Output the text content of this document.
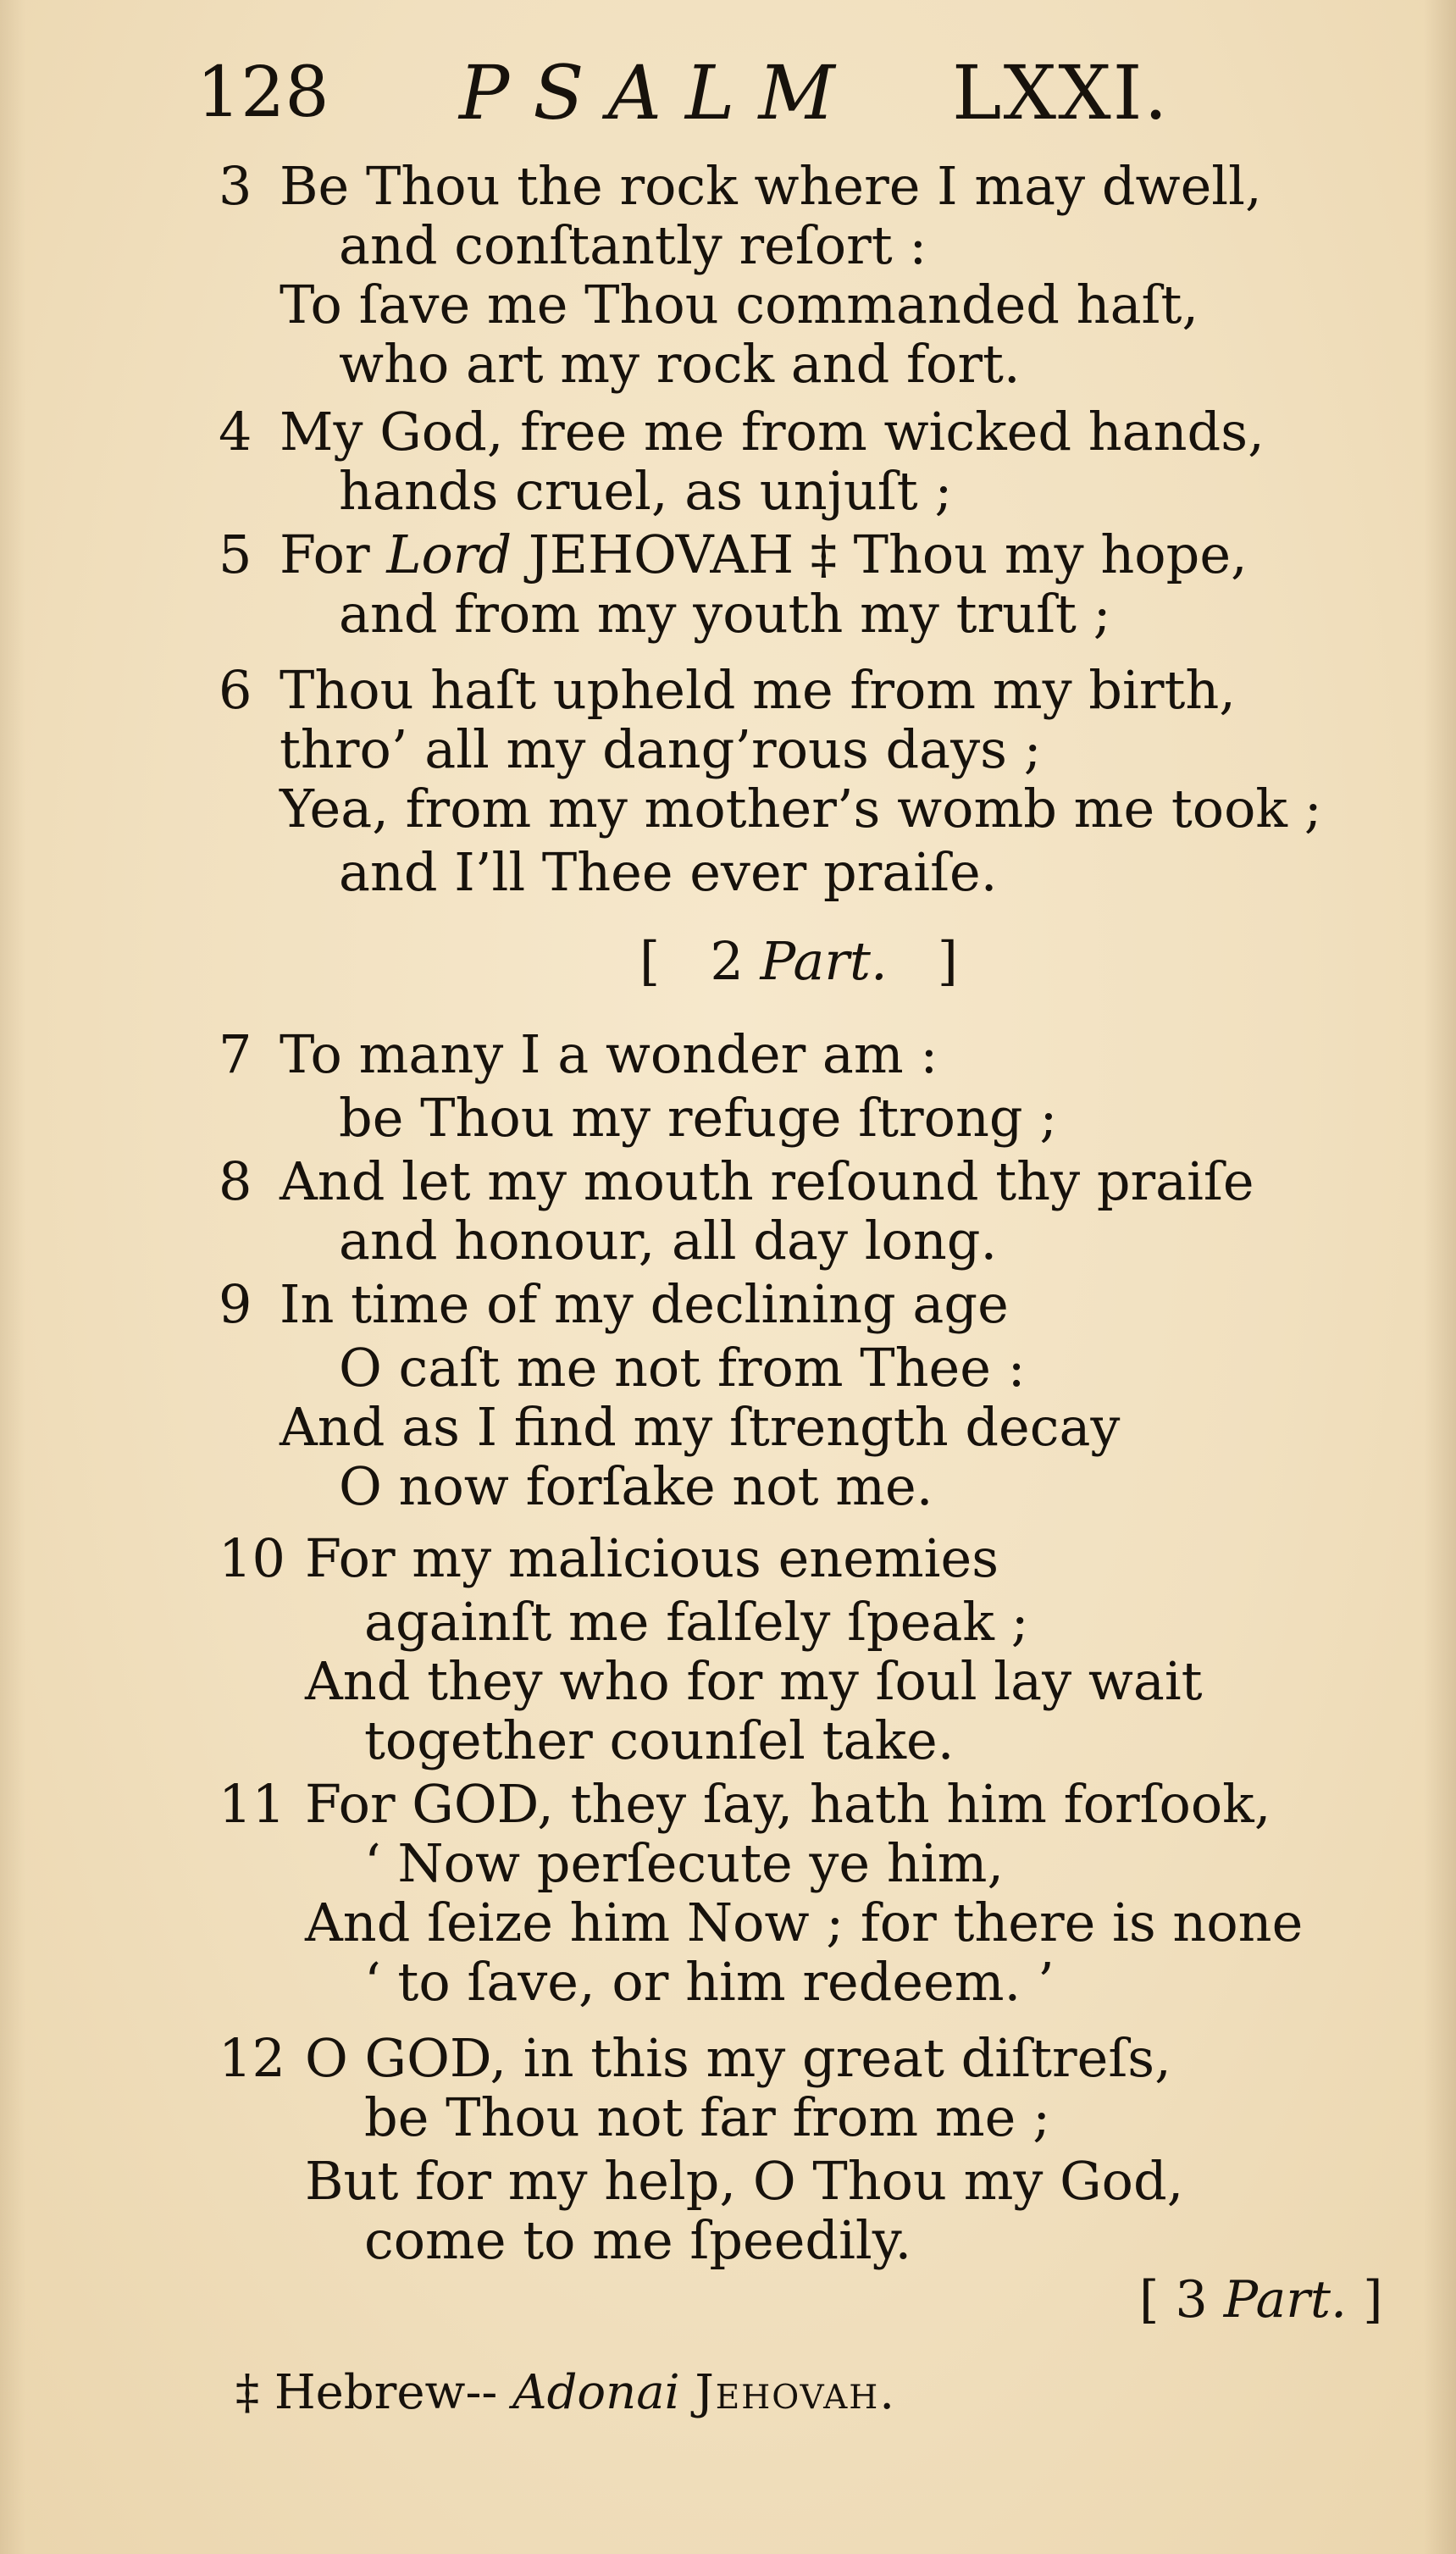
128 PSALM LXXI.
3 Be Thou the rock where I may dwell,
and conſtantly reſort :
To ſave me Thou commanded haſt,
who art my rock and fort.
4 My God, free me from wicked hands,
hands cruel, as unjuſt ;
5 For Lord JEHOVAH ‡ Thou my hope,
and from my youth my truſt ;
6 Thou haſt upheld me from my birth,
thro’ all my dang’rous days ;
Yea, from my mother’s womb me took ;
and I’ll Thee ever praiſe.
[ 2 Part. ]
7 To many I a wonder am :
be Thou my refuge ſtrong ;
8 And let my mouth reſound thy praiſe
and honour, all day long.
9 In time of my declining age
O caſt me not from Thee :
And as I find my ſtrength decay
O now forſake not me.
10 For my malicious enemies
againſt me falſely ſpeak ;
And they who for my ſoul lay wait
together counſel take.
11 For GOD, they ſay, hath him forſook,
‘ Now perſecute ye him,
And ſeize him Now ; for there is none
‘ to ſave, or him redeem. ’
12 O GOD, in this my great diſtreſs,
be Thou not far from me ;
But for my help, O Thou my God,
come to me ſpeedily.
[ 3 Part. ]
‡ Hebrew-- Adonai Jehovah.
